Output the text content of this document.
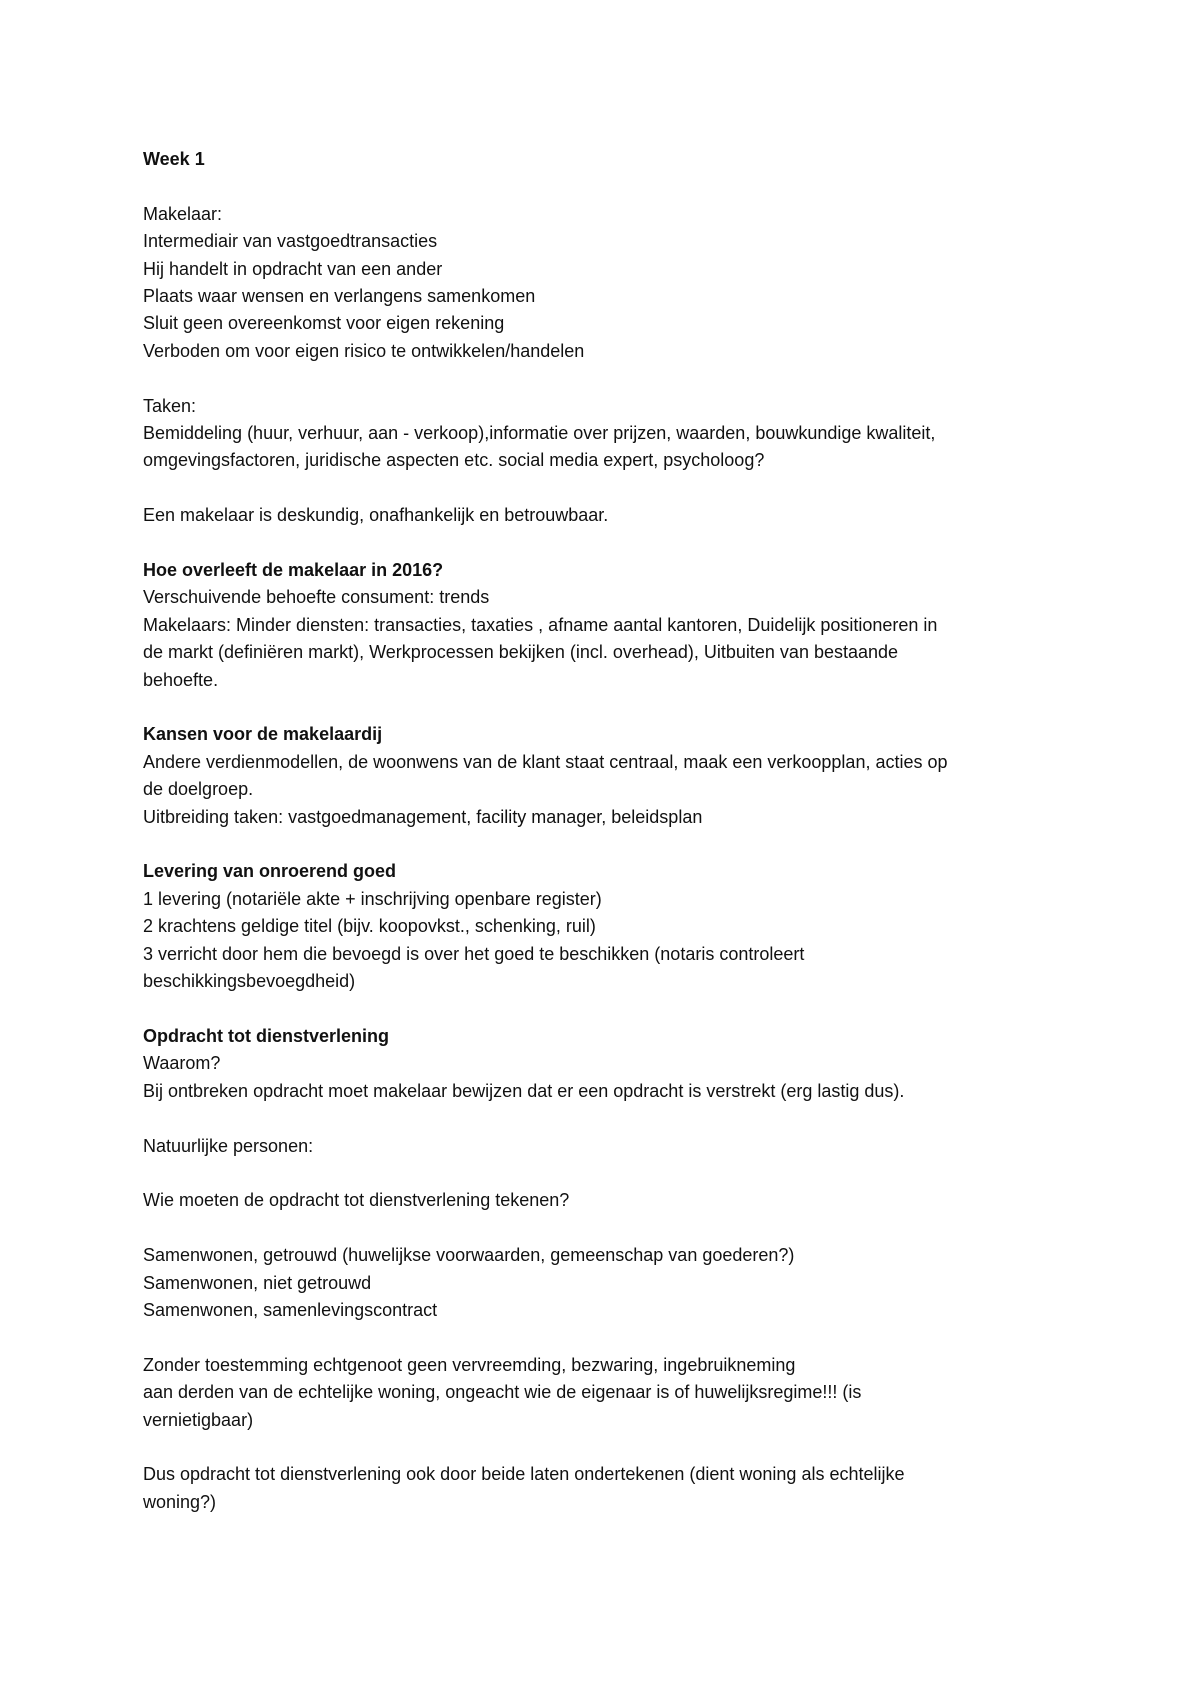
Week 1
Makelaar:
Intermediair van vastgoedtransacties
Hij handelt in opdracht van een ander
Plaats waar wensen en verlangens samenkomen
Sluit geen overeenkomst voor eigen rekening
Verboden om voor eigen risico te ontwikkelen/handelen
Taken:
Bemiddeling (huur, verhuur, aan - verkoop),informatie over prijzen, waarden, bouwkundige kwaliteit,
omgevingsfactoren, juridische aspecten etc. social media expert, psycholoog?
Een makelaar is deskundig, onafhankelijk en betrouwbaar.
Hoe overleeft de makelaar in 2016?
Verschuivende behoefte consument: trends
Makelaars: Minder diensten: transacties, taxaties , afname aantal kantoren, Duidelijk positioneren in
de markt (definiëren markt), Werkprocessen bekijken (incl. overhead), Uitbuiten van bestaande
behoefte.
Kansen voor de makelaardij
Andere verdienmodellen, de woonwens van de klant staat centraal, maak een verkoopplan, acties op
de doelgroep.
Uitbreiding taken: vastgoedmanagement, facility manager, beleidsplan
Levering van onroerend goed
1 levering (notariële akte + inschrijving openbare register)
2 krachtens geldige titel (bijv. koopovkst., schenking, ruil)
3 verricht door hem die bevoegd is over het goed te beschikken (notaris controleert
beschikkingsbevoegdheid)
Opdracht tot dienstverlening
Waarom?
Bij ontbreken opdracht moet makelaar bewijzen dat er een opdracht is verstrekt (erg lastig dus).
Natuurlijke personen:
Wie moeten de opdracht tot dienstverlening tekenen?
Samenwonen, getrouwd (huwelijkse voorwaarden, gemeenschap van goederen?)
Samenwonen, niet getrouwd
Samenwonen, samenlevingscontract
Zonder toestemming echtgenoot geen vervreemding, bezwaring, ingebruikneming
aan derden van de echtelijke woning, ongeacht wie de eigenaar is of huwelijksregime!!! (is
vernietigbaar)
Dus opdracht tot dienstverlening ook door beide laten ondertekenen (dient woning als echtelijke
woning?)
